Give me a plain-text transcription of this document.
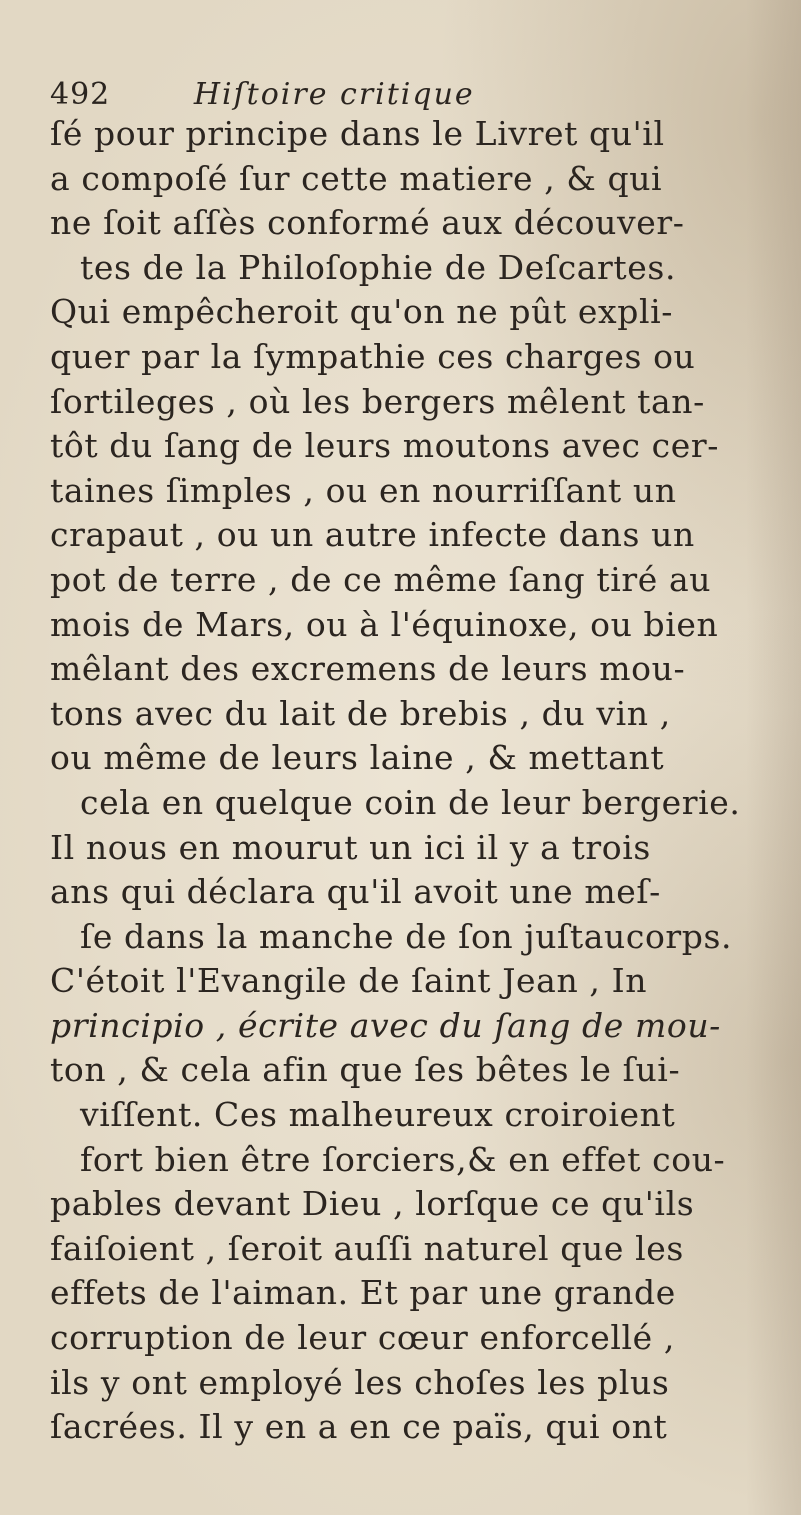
492	Hiſtoire critique
ſé pour principe dans le Livret qu'il
a compoſé ſur cette matiere , & qui
ne ſoit aſſès conformé aux découver-
tes de la Philoſophie de Deſcartes.
Qui empêcheroit qu'on ne pût expli-
quer par la ſympathie ces charges ou
ſortileges , où les bergers mêlent tan-
tôt du ſang de leurs moutons avec cer-
taines ſimples , ou en nourriſſant un
crapaut , ou un autre infecte dans un
pot de terre , de ce même ſang tiré au
mois de Mars, ou à l'équinoxe, ou bien
mêlant des excremens de leurs mou-
tons avec du lait de brebis , du vin ,
ou même de leurs laine , & mettant
cela en quelque coin de leur bergerie.
Il nous en mourut un ici il y a trois
ans qui déclara qu'il avoit une meſ-
ſe dans la manche de ſon juſtaucorps.
C'étoit l'Evangile de ſaint Jean , In
principio , écrite avec du ſang de mou-
ton , & cela afin que ſes bêtes le ſui-
viſſent. Ces malheureux croiroient
fort bien être ſorciers,& en effet cou-
pables devant Dieu , lorſque ce qu'ils
faiſoient , ſeroit auſſi naturel que les
effets de l'aiman. Et par une grande
corruption de leur cœur enforcellé ,
ils y ont employé les choſes les plus
ſacrées. Il y en a en ce païs, qui ont
